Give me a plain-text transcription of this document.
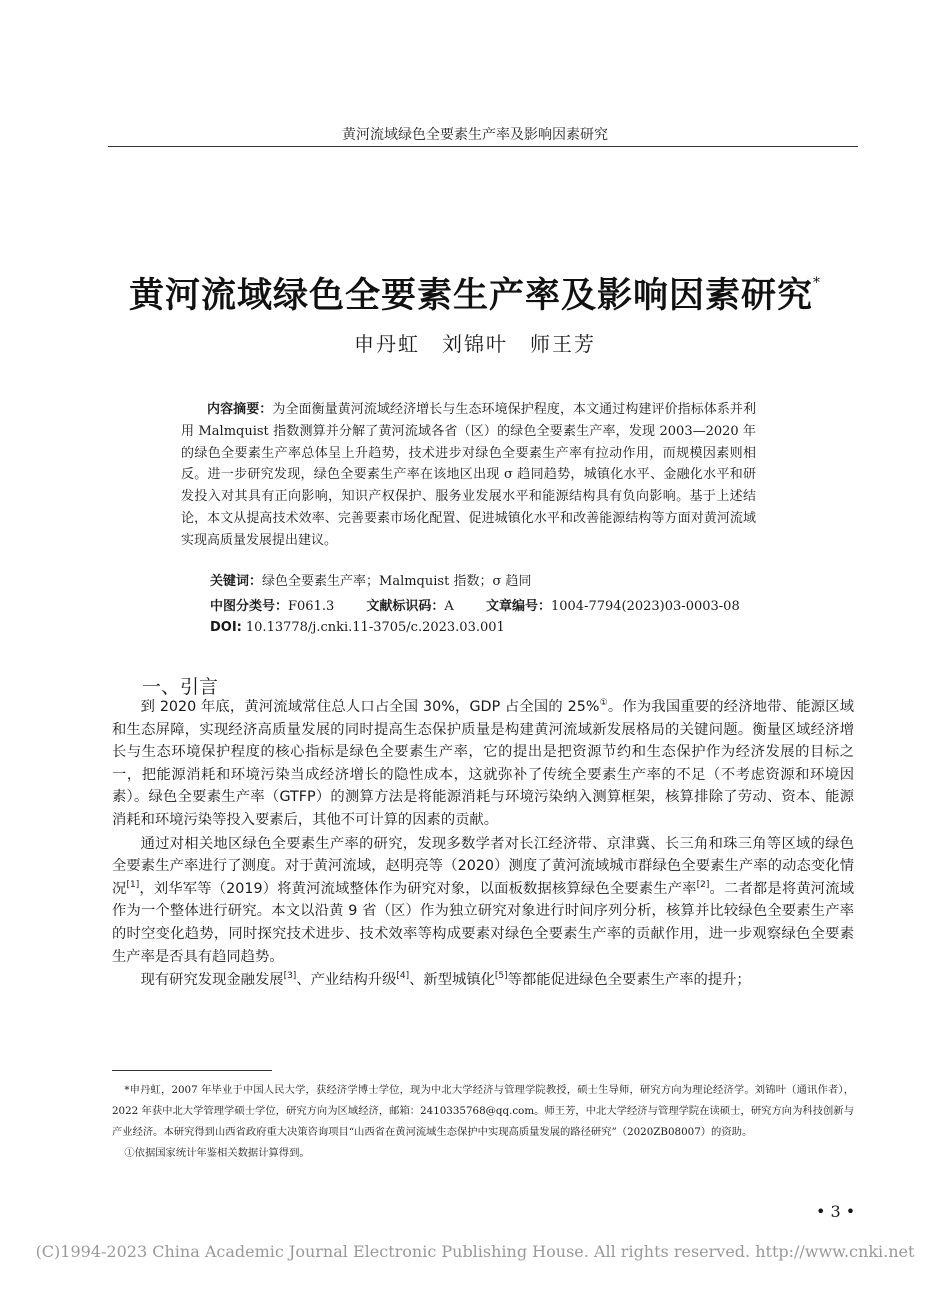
黄河流域绿色全要素生产率及影响因素研究
黄河流域绿色全要素生产率及影响因素研究*
申丹虹　刘锦叶　师王芳

内容摘要：为全面衡量黄河流域经济增长与生态环境保护程度，本文通过构建评价指标体系并利用 Malmquist 指数测算并分解了黄河流域各省（区）的绿色全要素生产率，发现 2003—2020 年的绿色全要素生产率总体呈上升趋势，技术进步对绿色全要素生产率有拉动作用，而规模因素则相反。进一步研究发现，绿色全要素生产率在该地区出现 σ 趋同趋势，城镇化水平、金融化水平和研发投入对其具有正向影响，知识产权保护、服务业发展水平和能源结构具有负向影响。基于上述结论，本文从提高技术效率、完善要素市场化配置、促进城镇化水平和改善能源结构等方面对黄河流域实现高质量发展提出建议。

关键词：绿色全要素生产率；Malmquist 指数；σ 趋同
中图分类号：F061.3 文献标识码：A 文章编号：1004-7794(2023)03-0003-08
DOI: 10.13778/j.cnki.11-3705/c.2023.03.001
一、引言

到 2020 年底，黄河流域常住总人口占全国 30%，GDP 占全国的 25%①。作为我国重要的经济地带、能源区域和生态屏障，实现经济高质量发展的同时提高生态保护质量是构建黄河流域新发展格局的关键问题。衡量区域经济增长与生态环境保护程度的核心指标是绿色全要素生产率，它的提出是把资源节约和生态保护作为经济发展的目标之一，把能源消耗和环境污染当成经济增长的隐性成本，这就弥补了传统全要素生产率的不足（不考虑资源和环境因素）。绿色全要素生产率（GTFP）的测算方法是将能源消耗与环境污染纳入测算框架，核算排除了劳动、资本、能源消耗和环境污染等投入要素后，其他不可计算的因素的贡献。

通过对相关地区绿色全要素生产率的研究，发现多数学者对长江经济带、京津冀、长三角和珠三角等区域的绿色全要素生产率进行了测度。对于黄河流域，赵明亮等（2020）测度了黄河流域城市群绿色全要素生产率的动态变化情况[1]，刘华军等（2019）将黄河流域整体作为研究对象，以面板数据核算绿色全要素生产率[2]。二者都是将黄河流域作为一个整体进行研究。本文以沿黄 9 省（区）作为独立研究对象进行时间序列分析，核算并比较绿色全要素生产率的时空变化趋势，同时探究技术进步、技术效率等构成要素对绿色全要素生产率的贡献作用，进一步观察绿色全要素生产率是否具有趋同趋势。

现有研究发现金融发展[3]、产业结构升级[4]、新型城镇化[5]等都能促进绿色全要素生产率的提升；

*申丹虹，2007 年毕业于中国人民大学，获经济学博士学位，现为中北大学经济与管理学院教授，硕士生导师，研究方向为理论经济学。刘锦叶（通讯作者），2022 年获中北大学管理学硕士学位，研究方向为区域经济，邮箱：2410335768@qq.com。师王芳，中北大学经济与管理学院在读硕士，研究方向为科技创新与产业经济。本研究得到山西省政府重大决策咨询项目“山西省在黄河流域生态保护中实现高质量发展的路径研究”（2020ZB08007）的资助。

①依据国家统计年鉴相关数据计算得到。

• 3 •
(C)1994-2023 China Academic Journal Electronic Publishing House. All rights reserved. http://www.cnki.net
